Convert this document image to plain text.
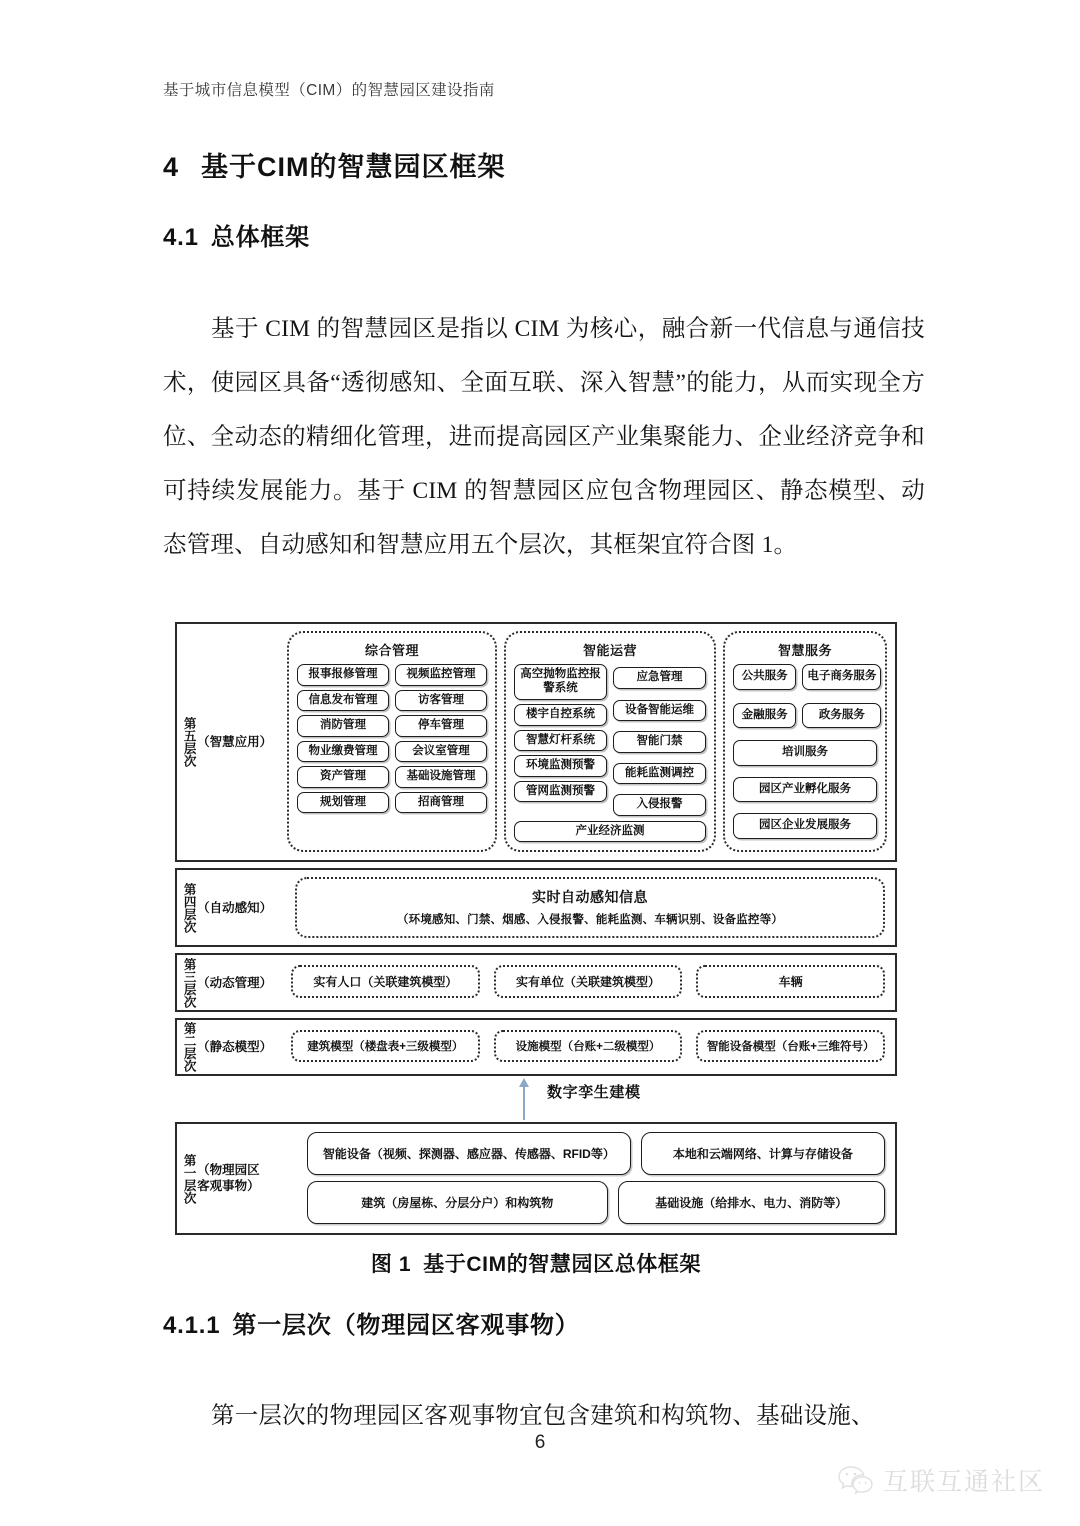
基于城市信息模型（CIM）的智慧园区建设指南
4 基于CIM的智慧园区框架
4.1 总体框架

基于 CIM 的智慧园区是指以 CIM 为核心，融合新一代信息与通信技术，使园区具备“透彻感知、全面互联、深入智慧”的能力，从而实现全方位、全动态的精细化管理，进而提高园区产业集聚能力、企业经济竞争和可持续发展能力。基于 CIM 的智慧园区应包含物理园区、静态模型、动态管理、自动感知和智慧应用五个层次，其框架宜符合图 1。

第五层次 （智慧应用）
综合管理
报事报修管理
信息发布管理
消防管理
物业缴费管理
资产管理
规划管理
视频监控管理
访客管理
停车管理
会议室管理
基础设施管理
招商管理
智能运营
高空抛物监控报警系统
楼宇自控系统
智慧灯杆系统
环境监测预警
管网监测预警
应急管理
设备智能运维
智能门禁
能耗监测调控
入侵报警
产业经济监测
智慧服务
公共服务
金融服务
电子商务服务
政务服务
培训服务
园区产业孵化服务
园区企业发展服务
第四层次 （自动感知）
实时自动感知信息
（环境感知、门禁、烟感、入侵报警、能耗监测、车辆识别、设备监控等）
第三层次 （动态管理）	实有人口（关联建筑模型）	实有单位（关联建筑模型）	车辆
第二层次 （静态模型）	建筑模型（楼盘表+三级模型）	设施模型（台账+二级模型）	智能设备模型（台账+三维符号）
数字孪生建模
第一层次 （物理园区
客观事物）
智能设备（视频、探测器、感应器、传感器、RFID等）	本地和云端网络、计算与存储设备
建筑（房屋栋、分层分户）和构筑物	基础设施（给排水、电力、消防等）
图 1 基于CIM的智慧园区总体框架
4.1.1 第一层次（物理园区客观事物）

第一层次的物理园区客观事物宜包含建筑和构筑物、基础设施、

6
互联互通社区
